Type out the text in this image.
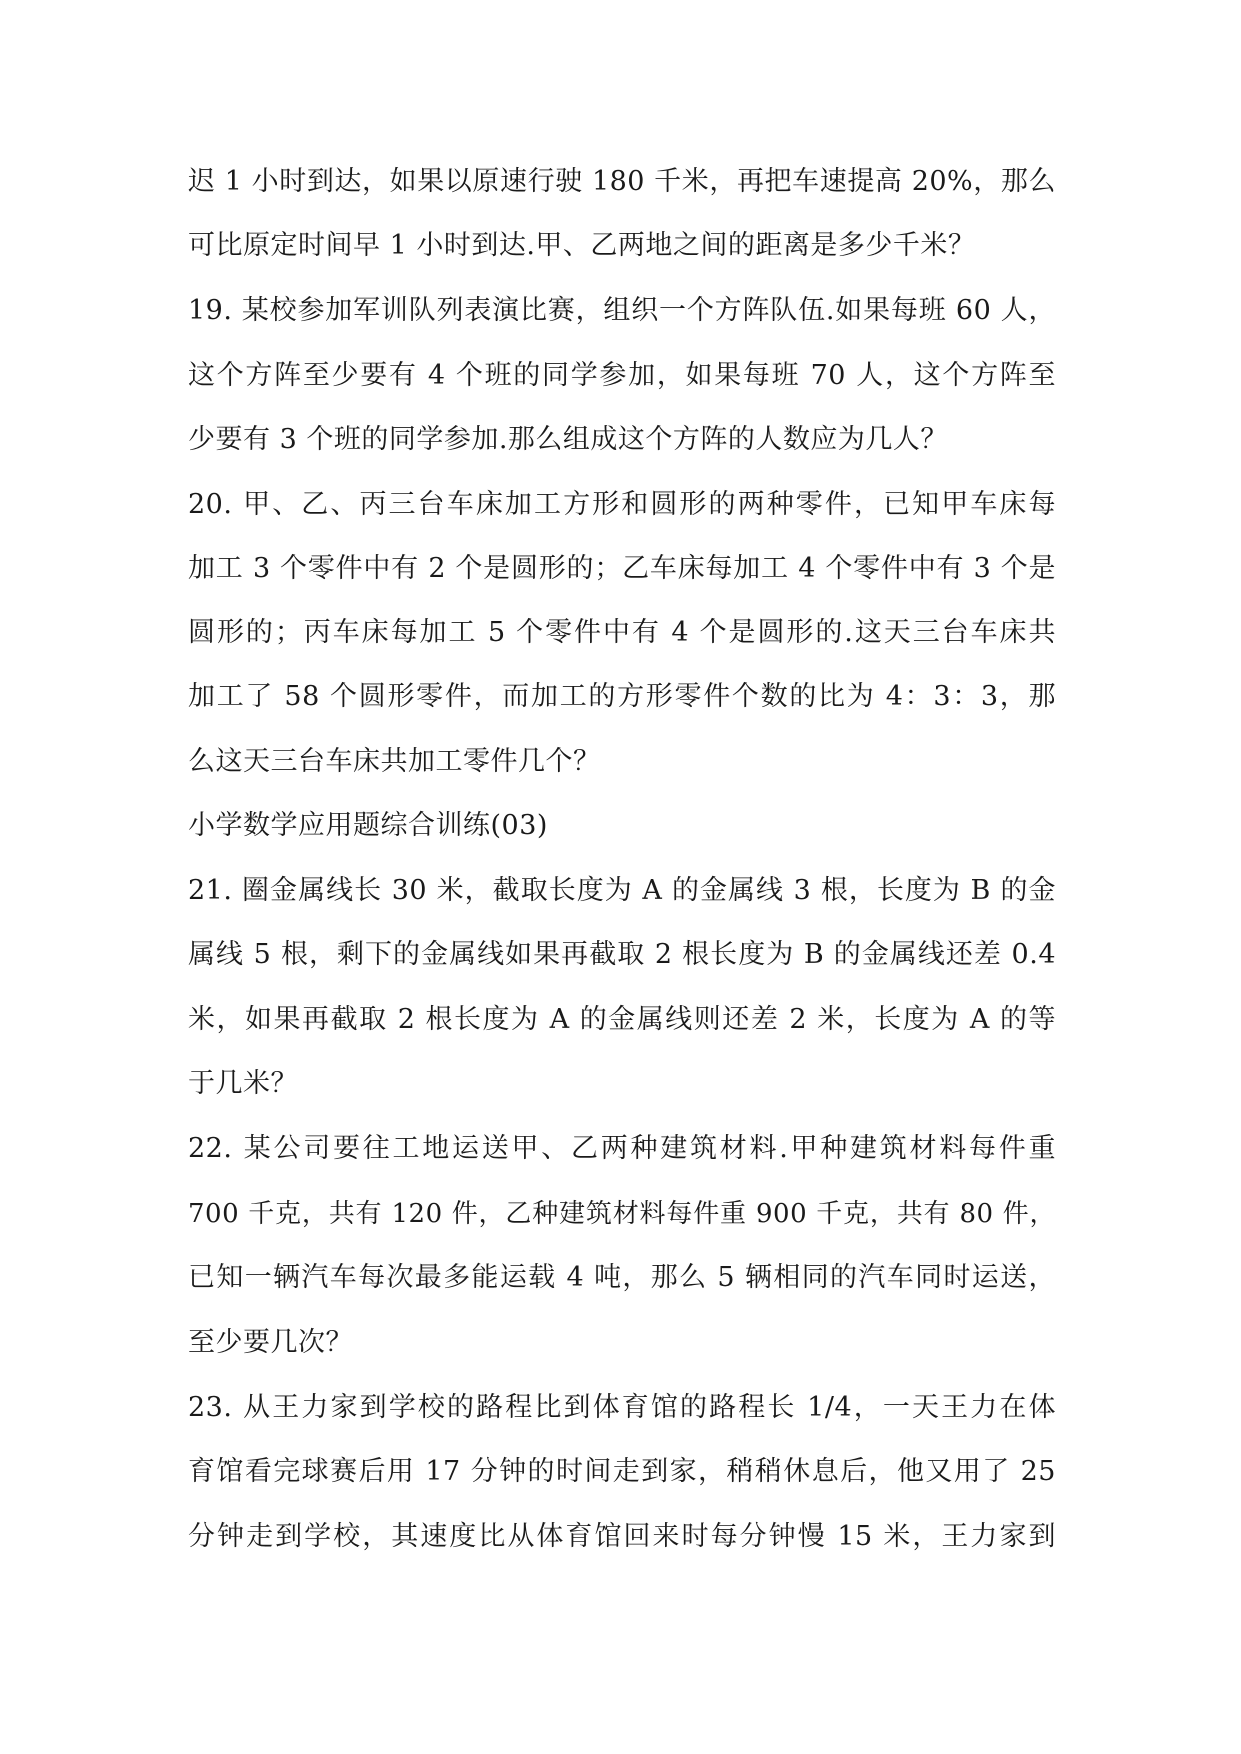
迟 1 小时到达，如果以原速行驶 180 千米，再把车速提高 20%，那么
可比原定时间早 1 小时到达.甲、乙两地之间的距离是多少千米？
19. 某校参加军训队列表演比赛，组织一个方阵队伍.如果每班 60 人，
这个方阵至少要有 4 个班的同学参加，如果每班 70 人，这个方阵至
少要有 3 个班的同学参加.那么组成这个方阵的人数应为几人？
20. 甲、乙、丙三台车床加工方形和圆形的两种零件，已知甲车床每
加工 3 个零件中有 2 个是圆形的；乙车床每加工 4 个零件中有 3 个是
圆形的；丙车床每加工 5 个零件中有 4 个是圆形的.这天三台车床共
加工了 58 个圆形零件，而加工的方形零件个数的比为 4：3：3，那
么这天三台车床共加工零件几个？
小学数学应用题综合训练(03)
21. 圈金属线长 30 米，截取长度为 A 的金属线 3 根，长度为 B 的金
属线 5 根，剩下的金属线如果再截取 2 根长度为 B 的金属线还差 0.4
米，如果再截取 2 根长度为 A 的金属线则还差 2 米，长度为 A 的等
于几米？
22. 某公司要往工地运送甲、乙两种建筑材料.甲种建筑材料每件重
700 千克，共有 120 件，乙种建筑材料每件重 900 千克，共有 80 件，
已知一辆汽车每次最多能运载 4 吨，那么 5 辆相同的汽车同时运送，
至少要几次？
23. 从王力家到学校的路程比到体育馆的路程长 1/4，一天王力在体
育馆看完球赛后用 17 分钟的时间走到家，稍稍休息后，他又用了 25
分钟走到学校，其速度比从体育馆回来时每分钟慢 15 米，王力家到
